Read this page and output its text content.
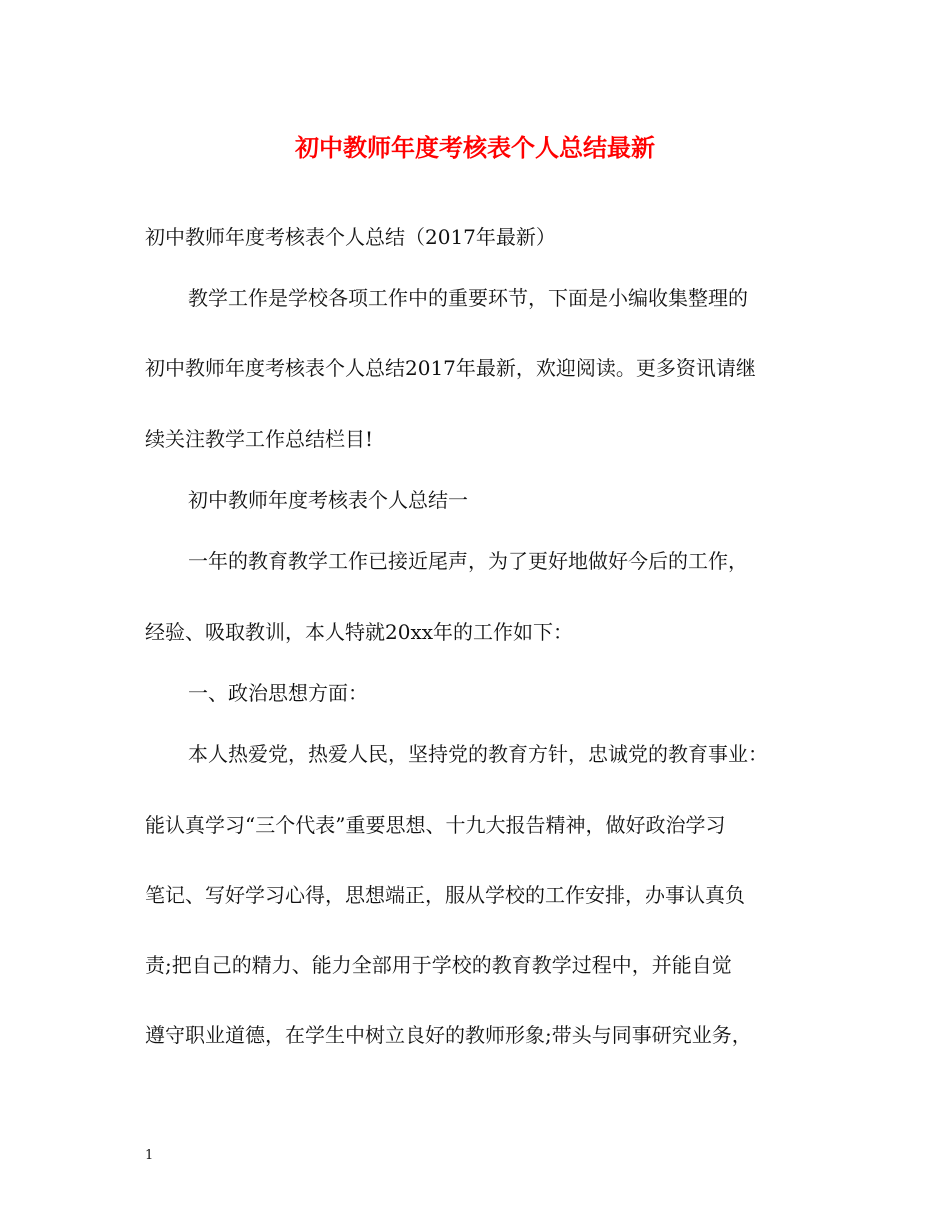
初中教师年度考核表个人总结最新
初中教师年度考核表个人总结（2017年最新）
教学工作是学校各项工作中的重要环节，下面是小编收集整理的
初中教师年度考核表个人总结2017年最新，欢迎阅读。更多资讯请继
续关注教学工作总结栏目!
初中教师年度考核表个人总结一
一年的教育教学工作已接近尾声，为了更好地做好今后的工作，
经验、吸取教训，本人特就20xx年的工作如下：
一、政治思想方面：
本人热爱党，热爱人民，坚持党的教育方针，忠诚党的教育事业：
能认真学习“三个代表”重要思想、十九大报告精神，做好政治学习
笔记、写好学习心得，思想端正，服从学校的工作安排，办事认真负
责;把自己的精力、能力全部用于学校的教育教学过程中，并能自觉
遵守职业道德，在学生中树立良好的教师形象;带头与同事研究业务，
1
